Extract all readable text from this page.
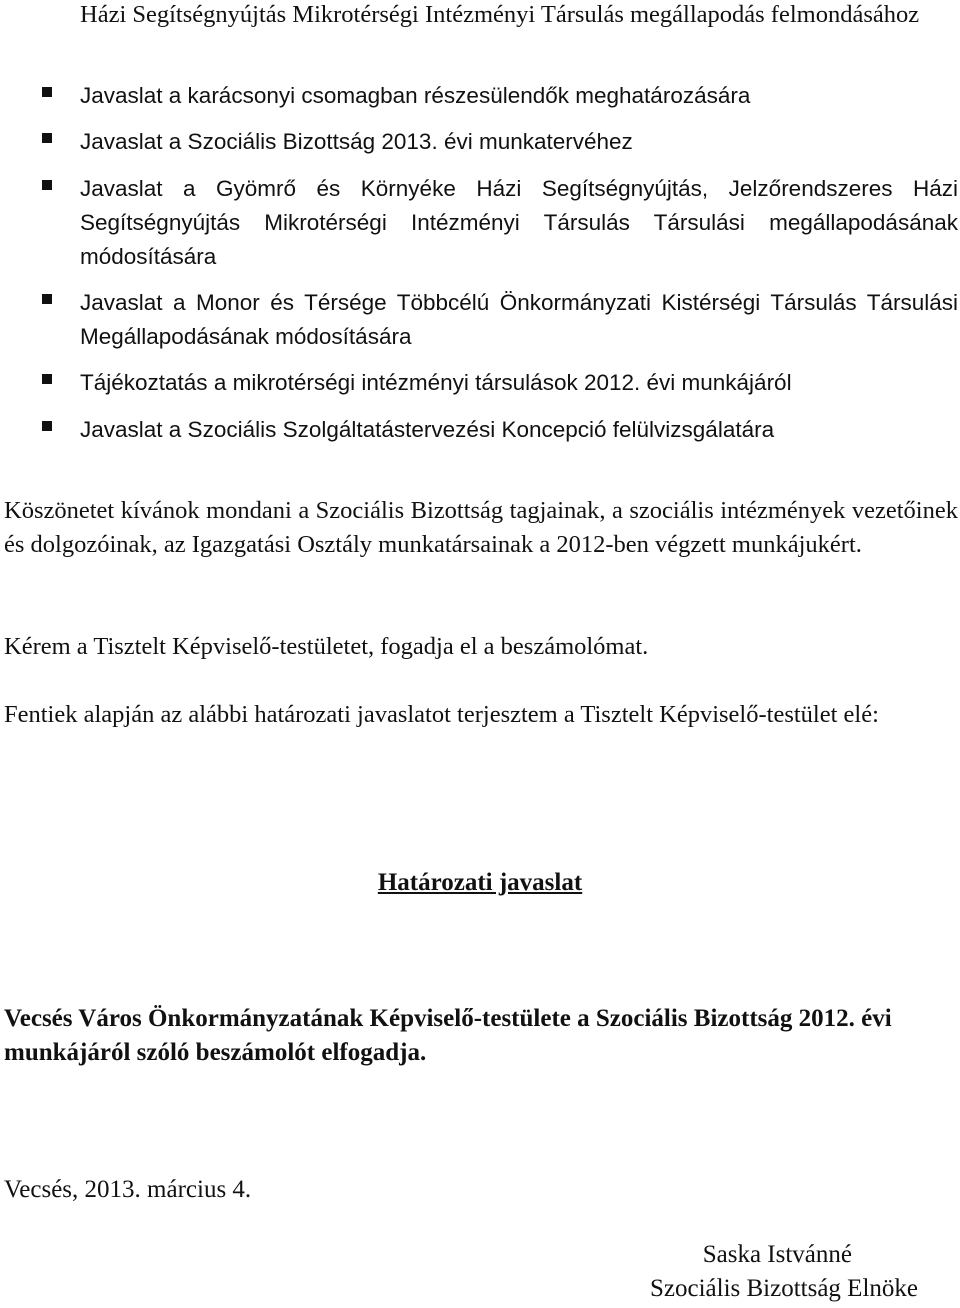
Házi Segítségnyújtás Mikrotérségi Intézményi Társulás megállapodás felmondásához
Javaslat a karácsonyi csomagban részesülendők meghatározására
Javaslat a Szociális Bizottság 2013. évi munkatervéhez
Javaslat a Gyömrő és Környéke Házi Segítségnyújtás, Jelzőrendszeres Házi Segítségnyújtás Mikrotérségi Intézményi Társulás Társulási megállapodásának módosítására
Javaslat a Monor és Térsége Többcélú Önkormányzati Kistérségi Társulás Társulási Megállapodásának módosítására
Tájékoztatás a mikrotérségi intézményi társulások 2012. évi munkájáról
Javaslat a Szociális Szolgáltatástervezési Koncepció felülvizsgálatára

Köszönetet kívánok mondani a Szociális Bizottság tagjainak, a szociális intézmények vezetőinek és dolgozóinak, az Igazgatási Osztály munkatársainak a 2012-ben végzett munkájukért.

Kérem a Tisztelt Képviselő-testületet, fogadja el a beszámolómat.

Fentiek alapján az alábbi határozati javaslatot terjesztem a Tisztelt Képviselő-testület elé:

Határozati javaslat

Vecsés Város Önkormányzatának Képviselő-testülete a Szociális Bizottság 2012. évi munkájáról szóló beszámolót elfogadja.

Vecsés, 2013. március 4.
Saska Istvánné
Szociális Bizottság Elnöke
